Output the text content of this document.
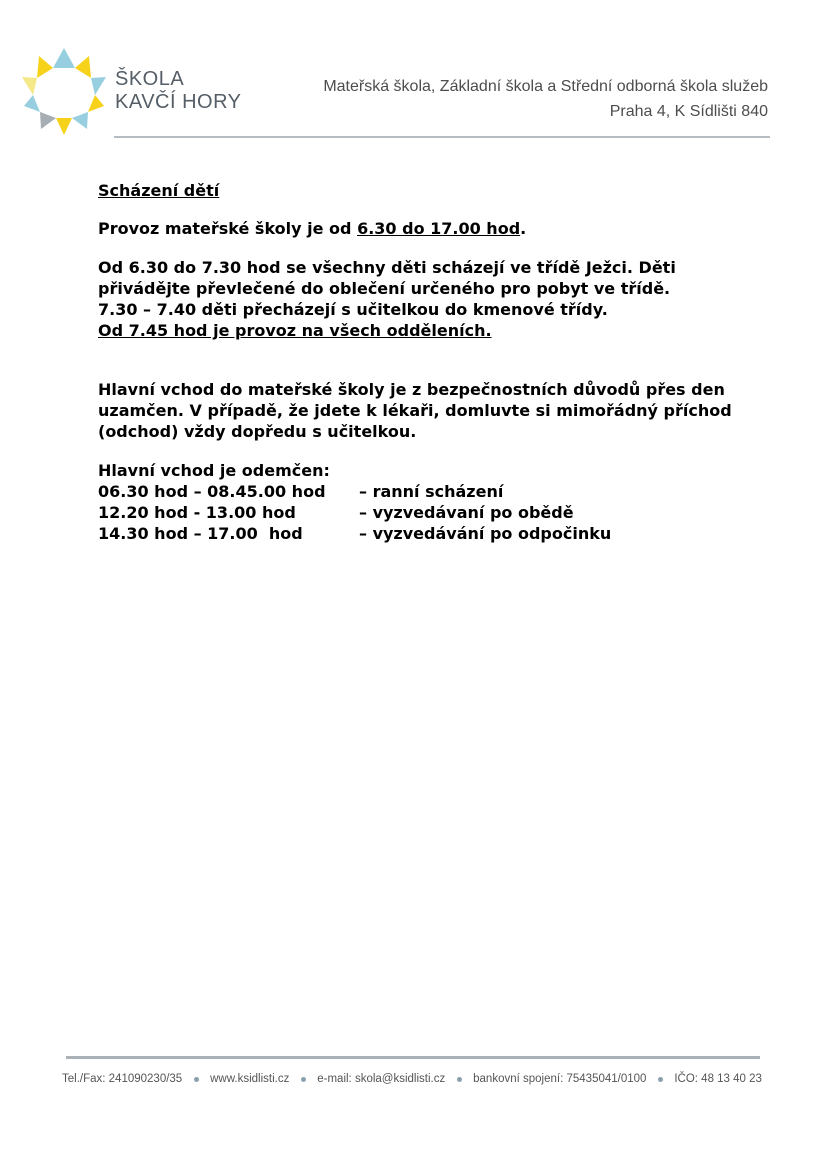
ŠKOLA
KAVČÍ HORY
Mateřská škola, Základní škola a Střední odborná škola služeb
Praha 4, K Sídlišti 840

Scházení dětí

Provoz mateřské školy je od 6.30 do 17.00 hod.

Od 6.30 do 7.30 hod se všechny děti scházejí ve třídě Ježci. Děti
přivádějte převlečené do oblečení určeného pro pobyt ve třídě.
7.30 – 7.40 děti přecházejí s učitelkou do kmenové třídy.
Od 7.45 hod je provoz na všech odděleních.

Hlavní vchod do mateřské školy je z bezpečnostních důvodů přes den
uzamčen. V případě, že jdete k lékaři, domluvte si mimořádný příchod
(odchod) vždy dopředu s učitelkou.

Hlavní vchod je odemčen:
06.30 hod – 08.45.00 hod	– ranní scházení
12.20 hod - 13.00 hod	– vyzvedávaní po obědě
14.30 hod – 17.00  hod	– vyzvedávání po odpočinku
Tel./Fax: 241090230/35 www.ksidlisti.cz e-mail: skola@ksidlisti.cz bankovní spojení: 75435041/0100 IČO: 48 13 40 23
